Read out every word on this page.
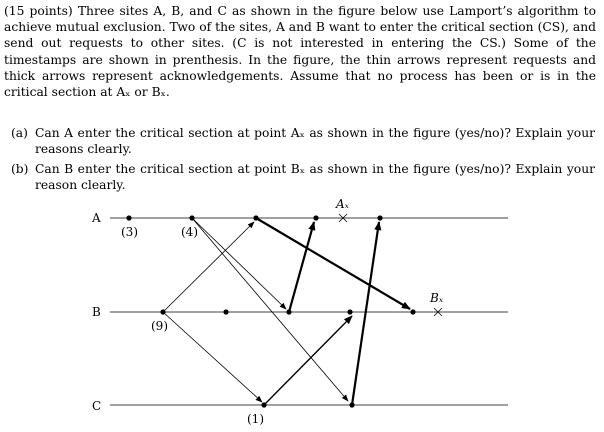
(15 points) Three sites A, B, and C as shown in the figure below use Lamport’s algorithm to achieve mutual exclusion. Two of the sites, A and B want to enter the critical section (CS), and send out requests to other sites. (C is not interested in entering the CS.) Some of the timestamps are shown in prenthesis. In the figure, the thin arrows represent requests and thick arrows represent acknowledgements. Assume that no process has been or is in the critical section at Aₓ or Bₓ.
(a) Can A enter the critical section at point Aₓ as shown in the figure (yes/no)? Explain your reasons clearly.
(b) Can B enter the critical section at point Bₓ as shown in the figure (yes/no)? Explain your reason clearly.
A
B
C
(3)	(4)
(9)
(1)
Aₓ
Bₓ
